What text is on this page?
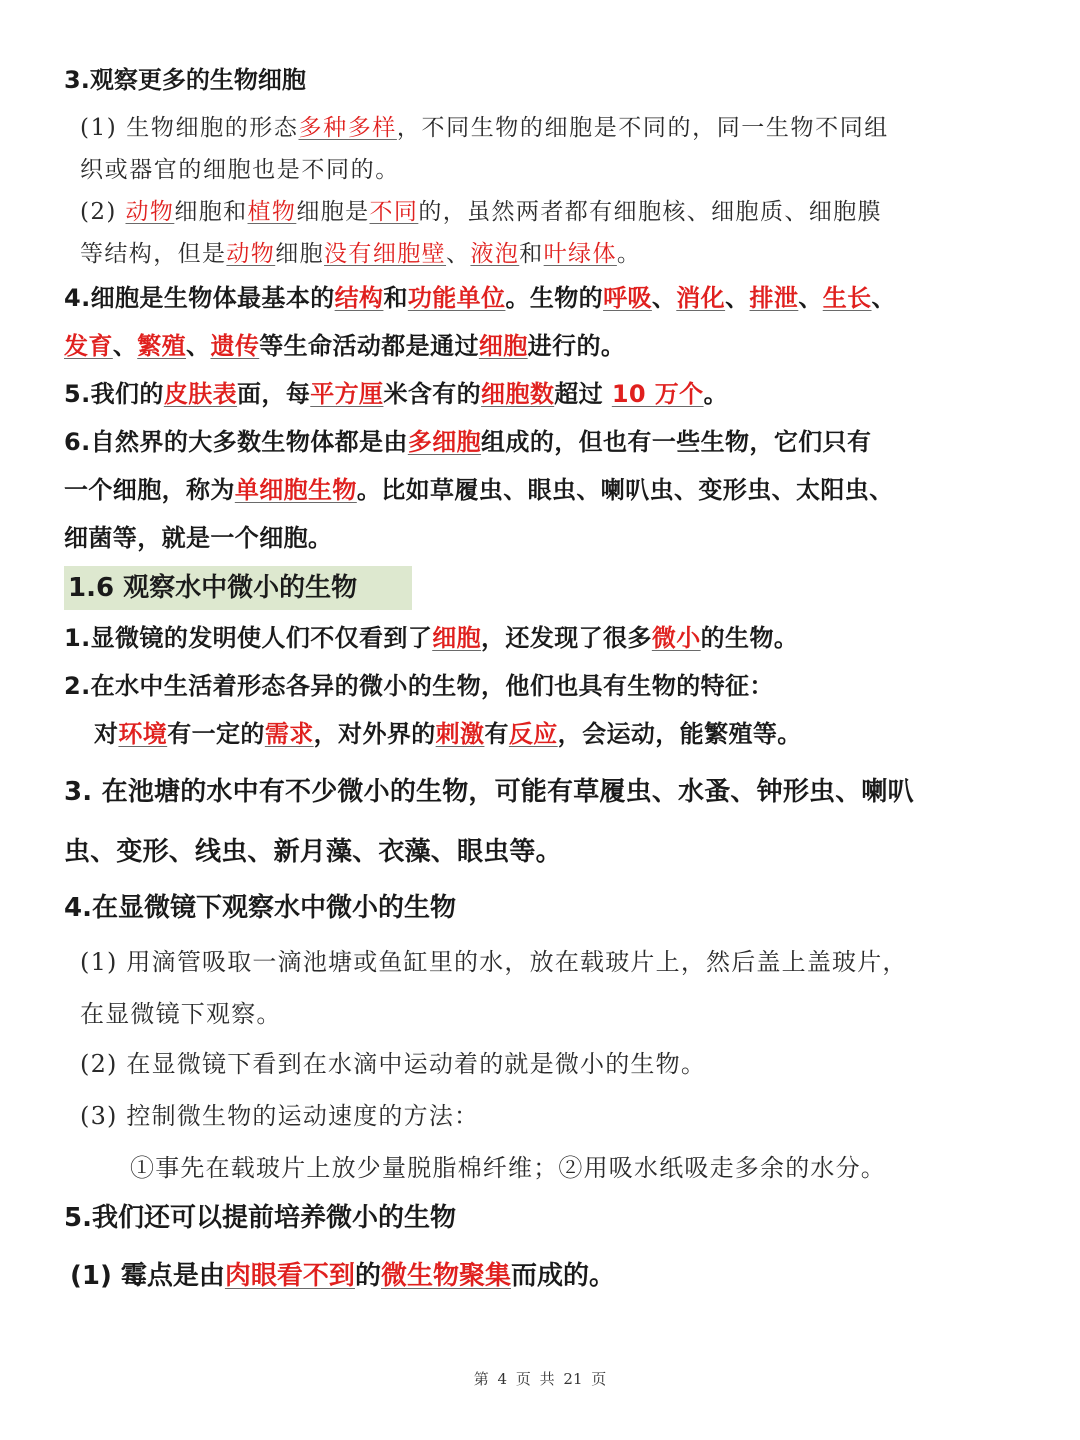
3.观察更多的生物细胞
(1) 生物细胞的形态多种多样，不同生物的细胞是不同的，同一生物不同组
织或器官的细胞也是不同的。
(2) 动物细胞和植物细胞是不同的，虽然两者都有细胞核、细胞质、细胞膜
等结构，但是动物细胞没有细胞壁、液泡和叶绿体。
4.细胞是生物体最基本的结构和功能单位。生物的呼吸、消化、排泄、生长、
发育、繁殖、遗传等生命活动都是通过细胞进行的。
5.我们的皮肤表面，每平方厘米含有的细胞数超过 10 万个。
6.自然界的大多数生物体都是由多细胞组成的，但也有一些生物，它们只有
一个细胞，称为单细胞生物。比如草履虫、眼虫、喇叭虫、变形虫、太阳虫、
细菌等，就是一个细胞。
1.6 观察水中微小的生物
1.显微镜的发明使人们不仅看到了细胞，还发现了很多微小的生物。
2.在水中生活着形态各异的微小的生物，他们也具有生物的特征：
对环境有一定的需求，对外界的刺激有反应，会运动，能繁殖等。
3. 在池塘的水中有不少微小的生物，可能有草履虫、水蚤、钟形虫、喇叭
虫、变形、线虫、新月藻、衣藻、眼虫等。
4.在显微镜下观察水中微小的生物
(1) 用滴管吸取一滴池塘或鱼缸里的水，放在载玻片上，然后盖上盖玻片，
在显微镜下观察。
(2) 在显微镜下看到在水滴中运动着的就是微小的生物。
(3) 控制微生物的运动速度的方法：
①事先在载玻片上放少量脱脂棉纤维；②用吸水纸吸走多余的水分。
5.我们还可以提前培养微小的生物
(1) 霉点是由肉眼看不到的微生物聚集而成的。
第 4 页 共 21 页
